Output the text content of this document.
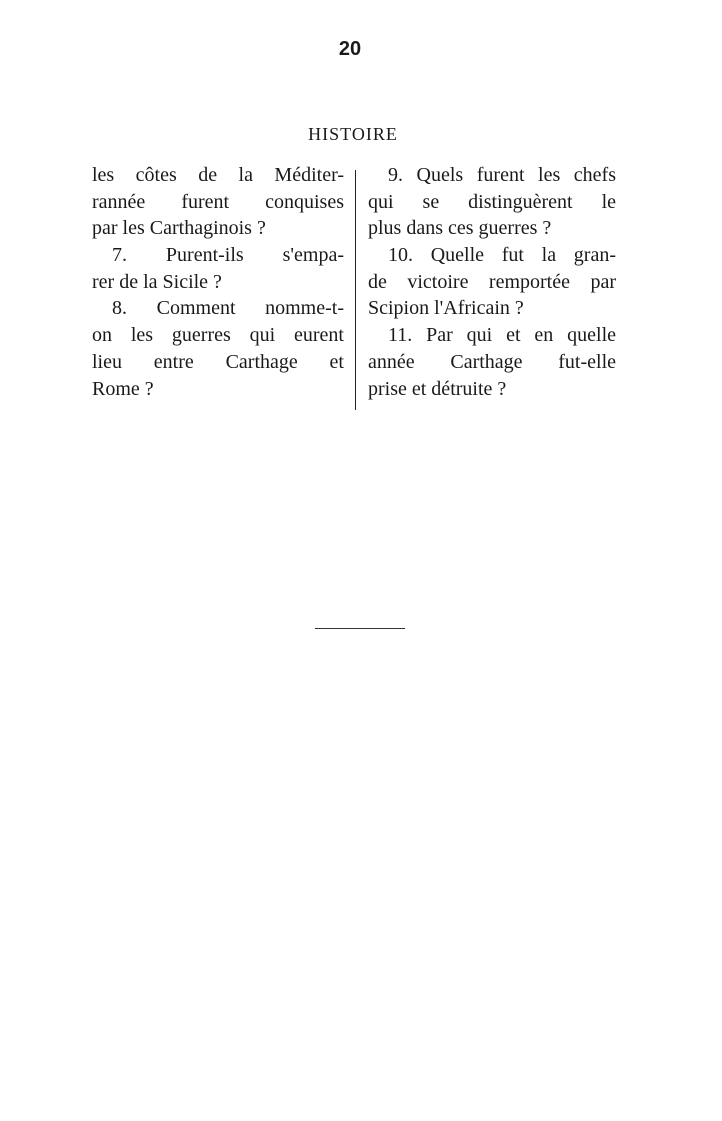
20
HISTOIRE
les côtes de la Méditer-
rannée furent conquises
par les Carthaginois ?
7. Purent-ils s'empa-
rer de la Sicile ?
8. Comment nomme-t-
on les guerres qui eurent
lieu entre Carthage et
Rome ?
9. Quels furent les chefs
qui se distinguèrent le
plus dans ces guerres ?
10. Quelle fut la gran-
de victoire remportée par
Scipion l'Africain ?
11. Par qui et en quelle
année Carthage fut-elle
prise et détruite ?
